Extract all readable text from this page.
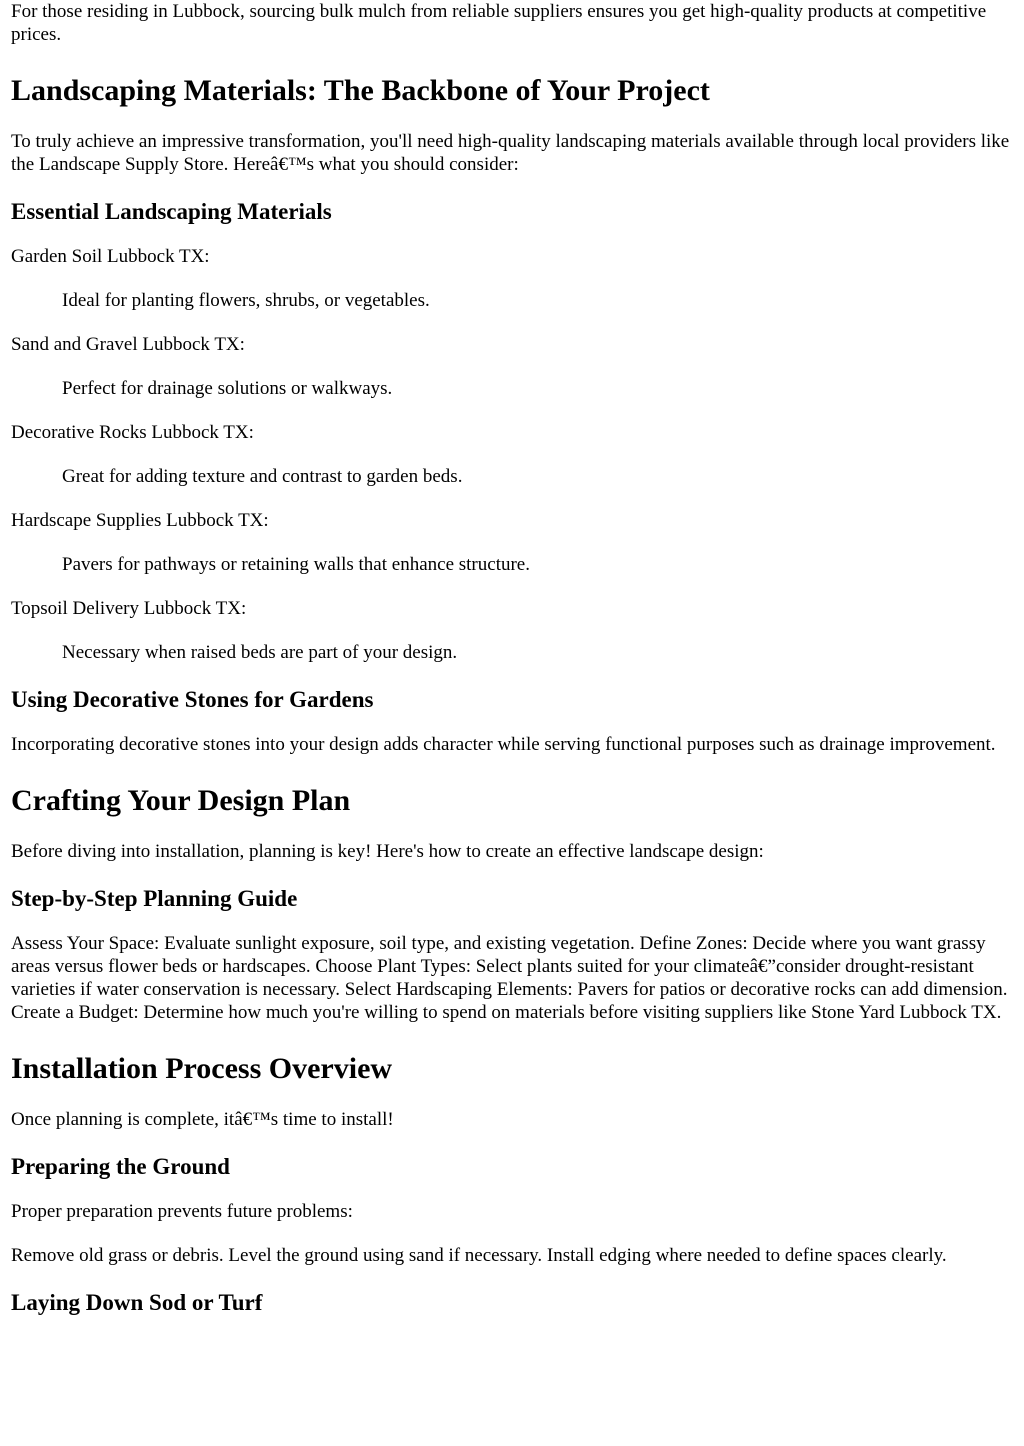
For those residing in Lubbock, sourcing bulk mulch from reliable suppliers ensures you get high-quality products at competitive prices.

Landscaping Materials: The Backbone of Your Project

To truly achieve an impressive transformation, you'll need high-quality landscaping materials available through local providers like the Landscape Supply Store. Hereâ€™s what you should consider:

Essential Landscaping Materials
Garden Soil Lubbock TX:
Ideal for planting flowers, shrubs, or vegetables.
Sand and Gravel Lubbock TX:
Perfect for drainage solutions or walkways.
Decorative Rocks Lubbock TX:
Great for adding texture and contrast to garden beds.
Hardscape Supplies Lubbock TX:
Pavers for pathways or retaining walls that enhance structure.
Topsoil Delivery Lubbock TX:
Necessary when raised beds are part of your design.
Using Decorative Stones for Gardens

Incorporating decorative stones into your design adds character while serving functional purposes such as drainage improvement.

Crafting Your Design Plan

Before diving into installation, planning is key! Here's how to create an effective landscape design:

Step-by-Step Planning Guide

Assess Your Space: Evaluate sunlight exposure, soil type, and existing vegetation. Define Zones: Decide where you want grassy areas versus flower beds or hardscapes. Choose Plant Types: Select plants suited for your climateâ€”consider drought-resistant varieties if water conservation is necessary. Select Hardscaping Elements: Pavers for patios or decorative rocks can add dimension. Create a Budget: Determine how much you're willing to spend on materials before visiting suppliers like Stone Yard Lubbock TX.

Installation Process Overview

Once planning is complete, itâ€™s time to install!

Preparing the Ground

Proper preparation prevents future problems:

Remove old grass or debris. Level the ground using sand if necessary. Install edging where needed to define spaces clearly.

Laying Down Sod or Turf
